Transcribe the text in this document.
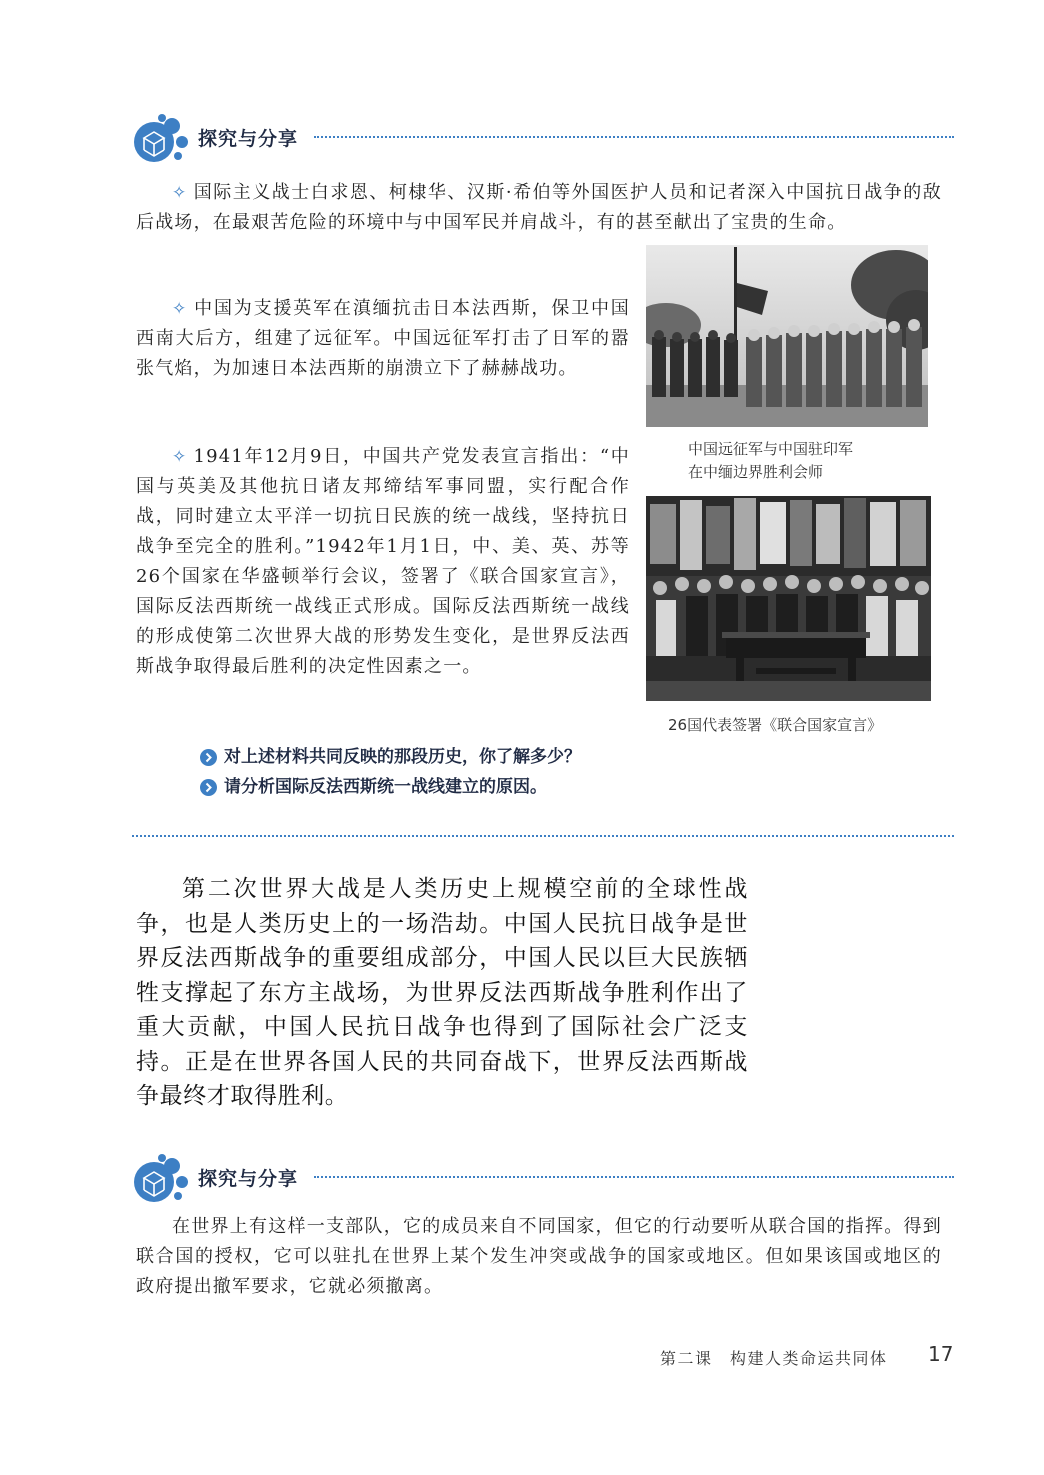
探究与分享

✧ 国际主义战士白求恩、柯棣华、汉斯·希伯等外国医护人员和记者深入中国抗日战争的敌后战场，在最艰苦危险的环境中与中国军民并肩战斗，有的甚至献出了宝贵的生命。

✧ 中国为支援英军在滇缅抗击日本法西斯，保卫中国西南大后方，组建了远征军。中国远征军打击了日军的嚣张气焰，为加速日本法西斯的崩溃立下了赫赫战功。

✧ 1941年12月9日，中国共产党发表宣言指出：“中国与英美及其他抗日诸友邦缔结军事同盟，实行配合作战，同时建立太平洋一切抗日民族的统一战线，坚持抗日战争至完全的胜利。”1942年1月1日，中、美、英、苏等26个国家在华盛顿举行会议，签署了《联合国家宣言》，国际反法西斯统一战线正式形成。国际反法西斯统一战线的形成使第二次世界大战的形势发生变化，是世界反法西斯战争取得最后胜利的决定性因素之一。

中国远征军与中国驻印军
在中缅边界胜利会师
26国代表签署《联合国家宣言》
对上述材料共同反映的那段历史，你了解多少？
请分析国际反法西斯统一战线建立的原因。

第二次世界大战是人类历史上规模空前的全球性战争，也是人类历史上的一场浩劫。中国人民抗日战争是世界反法西斯战争的重要组成部分，中国人民以巨大民族牺牲支撑起了东方主战场，为世界反法西斯战争胜利作出了重大贡献，中国人民抗日战争也得到了国际社会广泛支持。正是在世界各国人民的共同奋战下，世界反法西斯战争最终才取得胜利。

探究与分享

在世界上有这样一支部队，它的成员来自不同国家，但它的行动要听从联合国的指挥。得到联合国的授权，它可以驻扎在世界上某个发生冲突或战争的国家或地区。但如果该国或地区的政府提出撤军要求，它就必须撤离。

第二课　构建人类命运共同体 17
